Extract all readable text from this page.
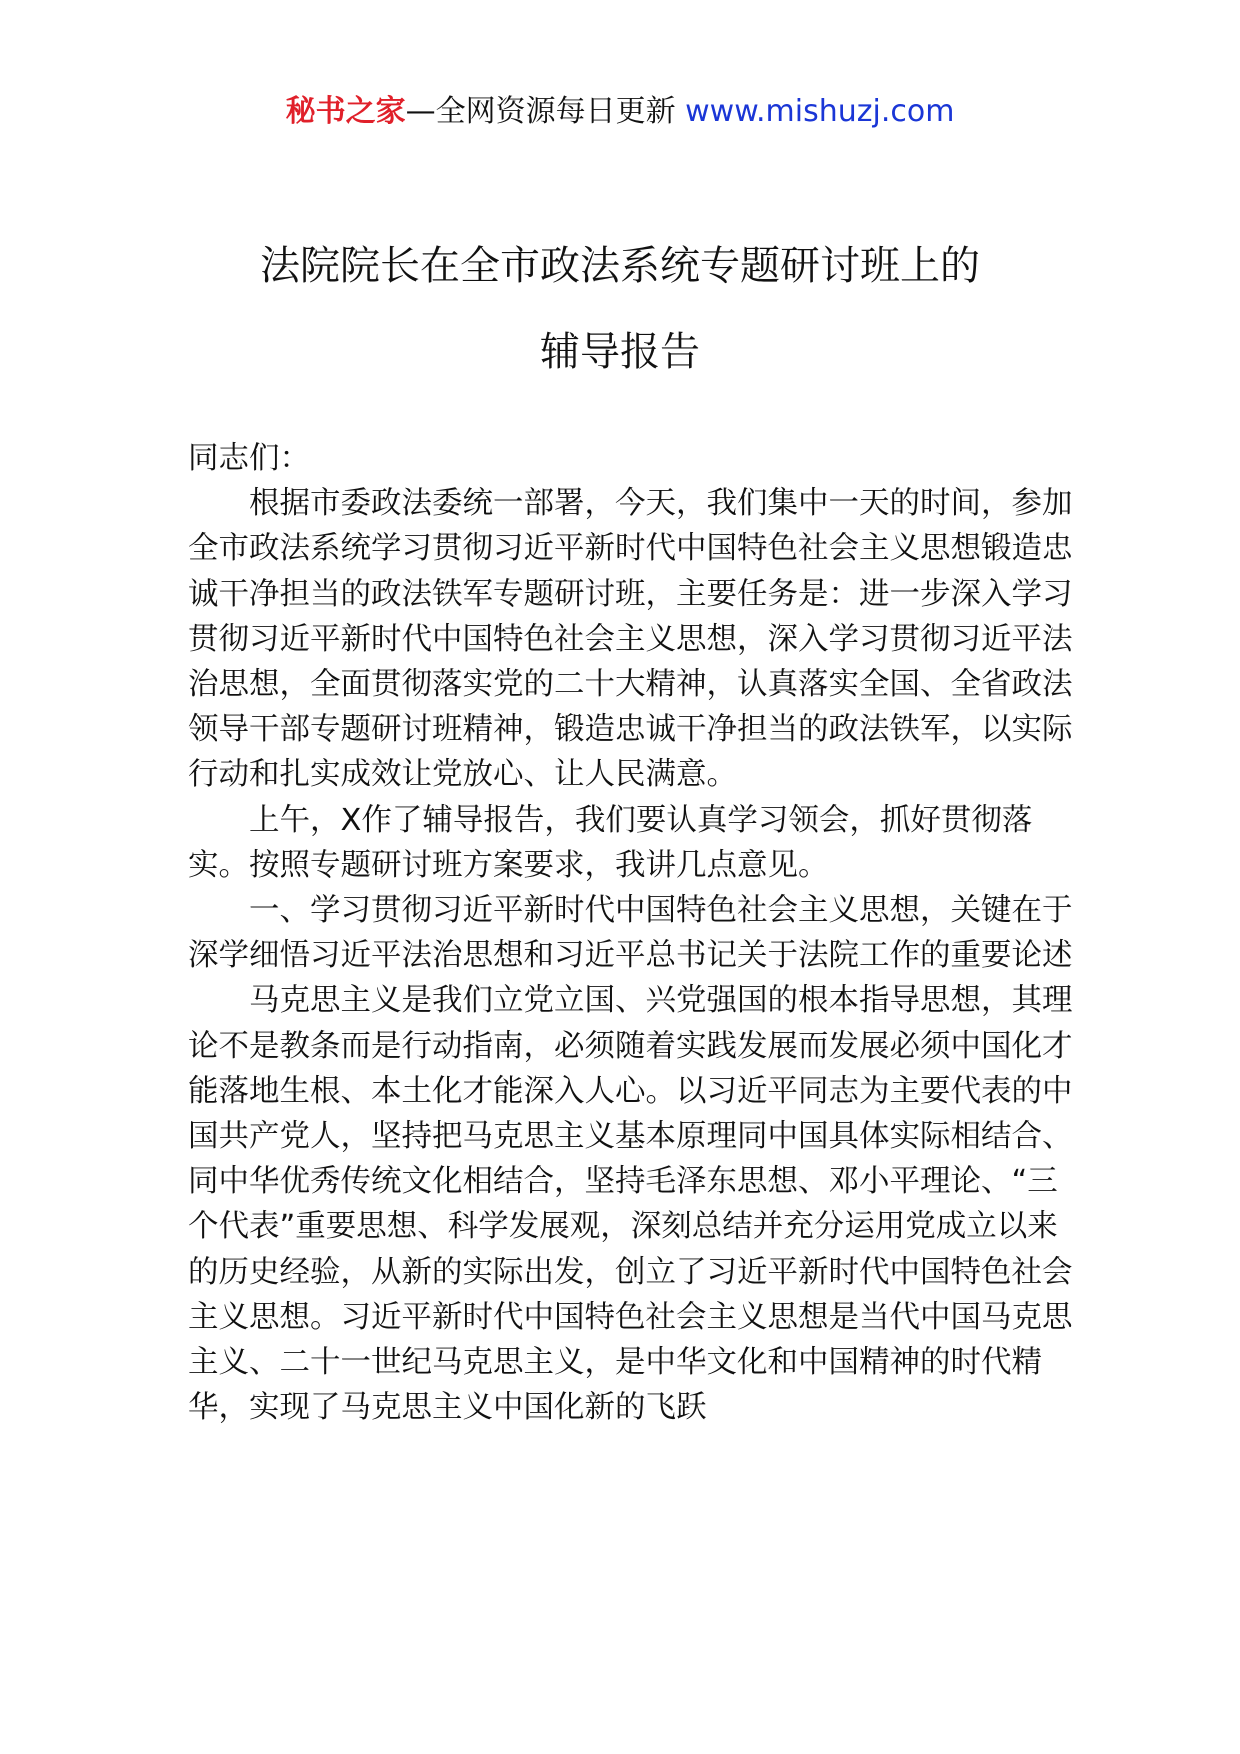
秘书之家—全网资源每日更新 www.mishuzj.com
法院院长在全市政法系统专题研讨班上的
辅导报告

同志们：

根据市委政法委统一部署，今天，我们集中一天的时间，参加全市政法系统学习贯彻习近平新时代中国特色社会主义思想锻造忠诚干净担当的政法铁军专题研讨班，主要任务是：进一步深入学习贯彻习近平新时代中国特色社会主义思想，深入学习贯彻习近平法治思想，全面贯彻落实党的二十大精神，认真落实全国、全省政法领导干部专题研讨班精神，锻造忠诚干净担当的政法铁军，以实际行动和扎实成效让党放心、让人民满意。

上午，X作了辅导报告，我们要认真学习领会，抓好贯彻落实。按照专题研讨班方案要求，我讲几点意见。

一、学习贯彻习近平新时代中国特色社会主义思想，关键在于深学细悟习近平法治思想和习近平总书记关于法院工作的重要论述

马克思主义是我们立党立国、兴党强国的根本指导思想，其理论不是教条而是行动指南，必须随着实践发展而发展必须中国化才能落地生根、本土化才能深入人心。以习近平同志为主要代表的中国共产党人，坚持把马克思主义基本原理同中国具体实际相结合、同中华优秀传统文化相结合，坚持毛泽东思想、邓小平理论、“三个代表”重要思想、科学发展观，深刻总结并充分运用党成立以来的历史经验，从新的实际出发，创立了习近平新时代中国特色社会主义思想。习近平新时代中国特色社会主义思想是当代中国马克思主义、二十一世纪马克思主义，是中华文化和中国精神的时代精华，实现了马克思主义中国化新的飞跃
